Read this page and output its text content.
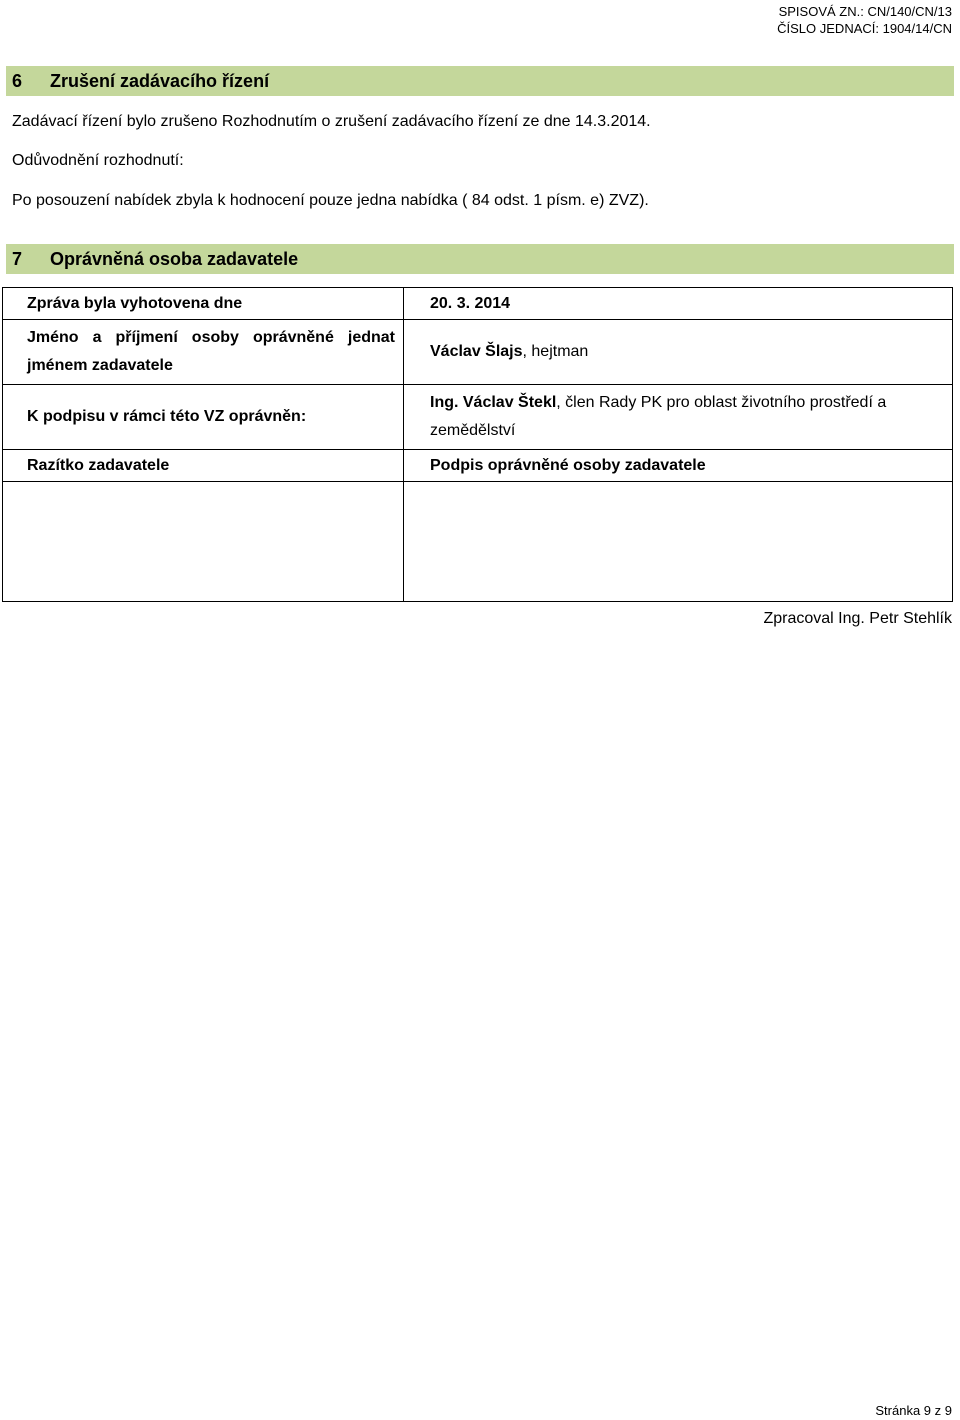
SPISOVÁ ZN.: CN/140/CN/13
ČÍSLO JEDNACÍ: 1904/14/CN
6 Zrušení zadávacího řízení
Zadávací řízení bylo zrušeno Rozhodnutím o zrušení zadávacího řízení ze dne 14.3.2014.
Odůvodnění rozhodnutí:
Po posouzení nabídek zbyla k hodnocení pouze jedna nabídka ( 84 odst. 1 písm. e) ZVZ).
7 Oprávněná osoba zadavatele
Zpráva byla vyhotovena dne	20. 3. 2014
Jméno a příjmení osoby oprávněné jednat jménem zadavatele	Václav Šlajs, hejtman
K podpisu v rámci této VZ oprávněn:	Ing. Václav Štekl, člen Rady PK pro oblast životního prostředí a zemědělství
Razítko zadavatele	Podpis oprávněné osoby zadavatele

Zpracoval Ing. Petr Stehlík
Stránka 9 z 9
